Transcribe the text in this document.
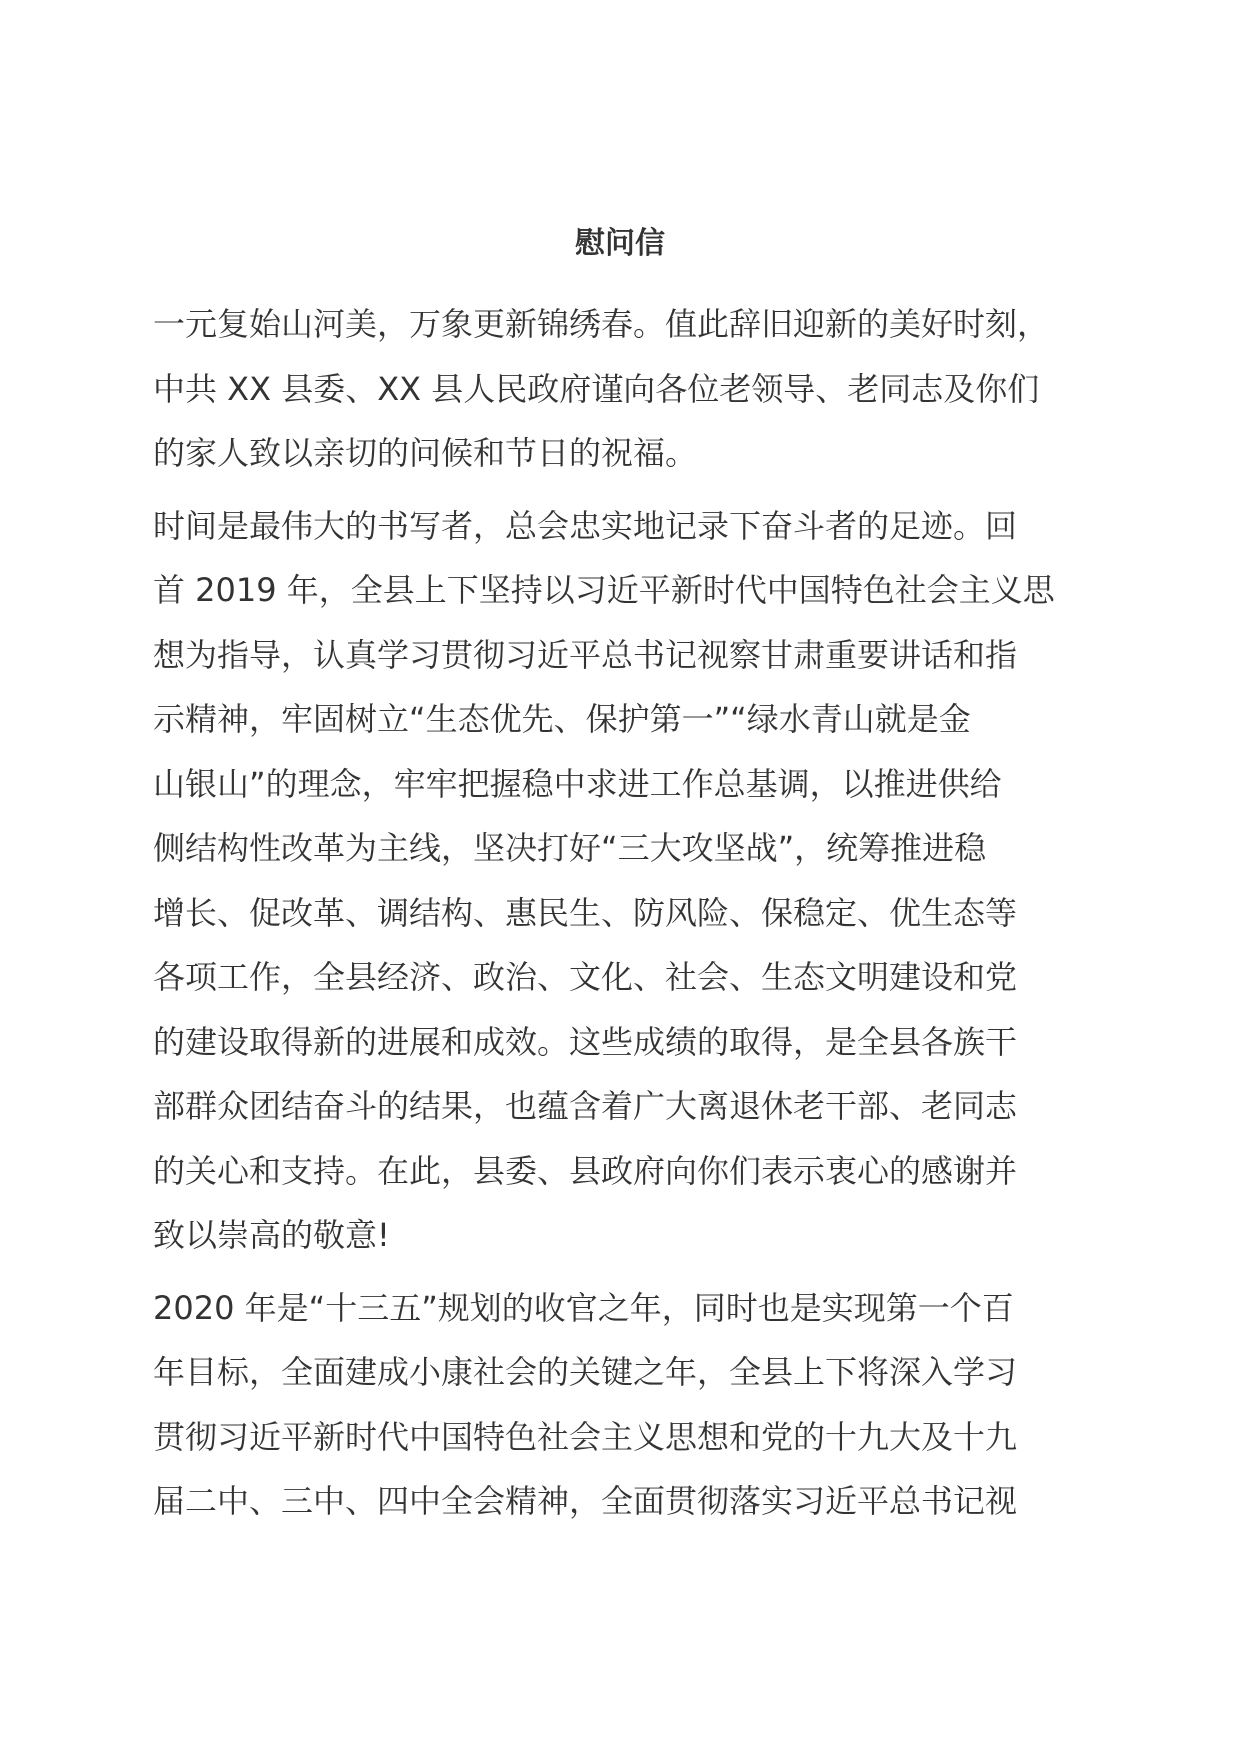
慰问信

一元复始山河美，万象更新锦绣春。值此辞旧迎新的美好时刻，
中共 XX 县委、XX 县人民政府谨向各位老领导、老同志及你们
的家人致以亲切的问候和节日的祝福。

时间是最伟大的书写者，总会忠实地记录下奋斗者的足迹。回
首 2019 年，全县上下坚持以习近平新时代中国特色社会主义思
想为指导，认真学习贯彻习近平总书记视察甘肃重要讲话和指
示精神，牢固树立“生态优先、保护第一”“绿水青山就是金
山银山”的理念，牢牢把握稳中求进工作总基调，以推进供给
侧结构性改革为主线，坚决打好“三大攻坚战”，统筹推进稳
增长、促改革、调结构、惠民生、防风险、保稳定、优生态等
各项工作，全县经济、政治、文化、社会、生态文明建设和党
的建设取得新的进展和成效。这些成绩的取得，是全县各族干
部群众团结奋斗的结果，也蕴含着广大离退休老干部、老同志
的关心和支持。在此，县委、县政府向你们表示衷心的感谢并
致以崇高的敬意!

2020 年是“十三五”规划的收官之年，同时也是实现第一个百
年目标，全面建成小康社会的关键之年，全县上下将深入学习
贯彻习近平新时代中国特色社会主义思想和党的十九大及十九
届二中、三中、四中全会精神，全面贯彻落实习近平总书记视
